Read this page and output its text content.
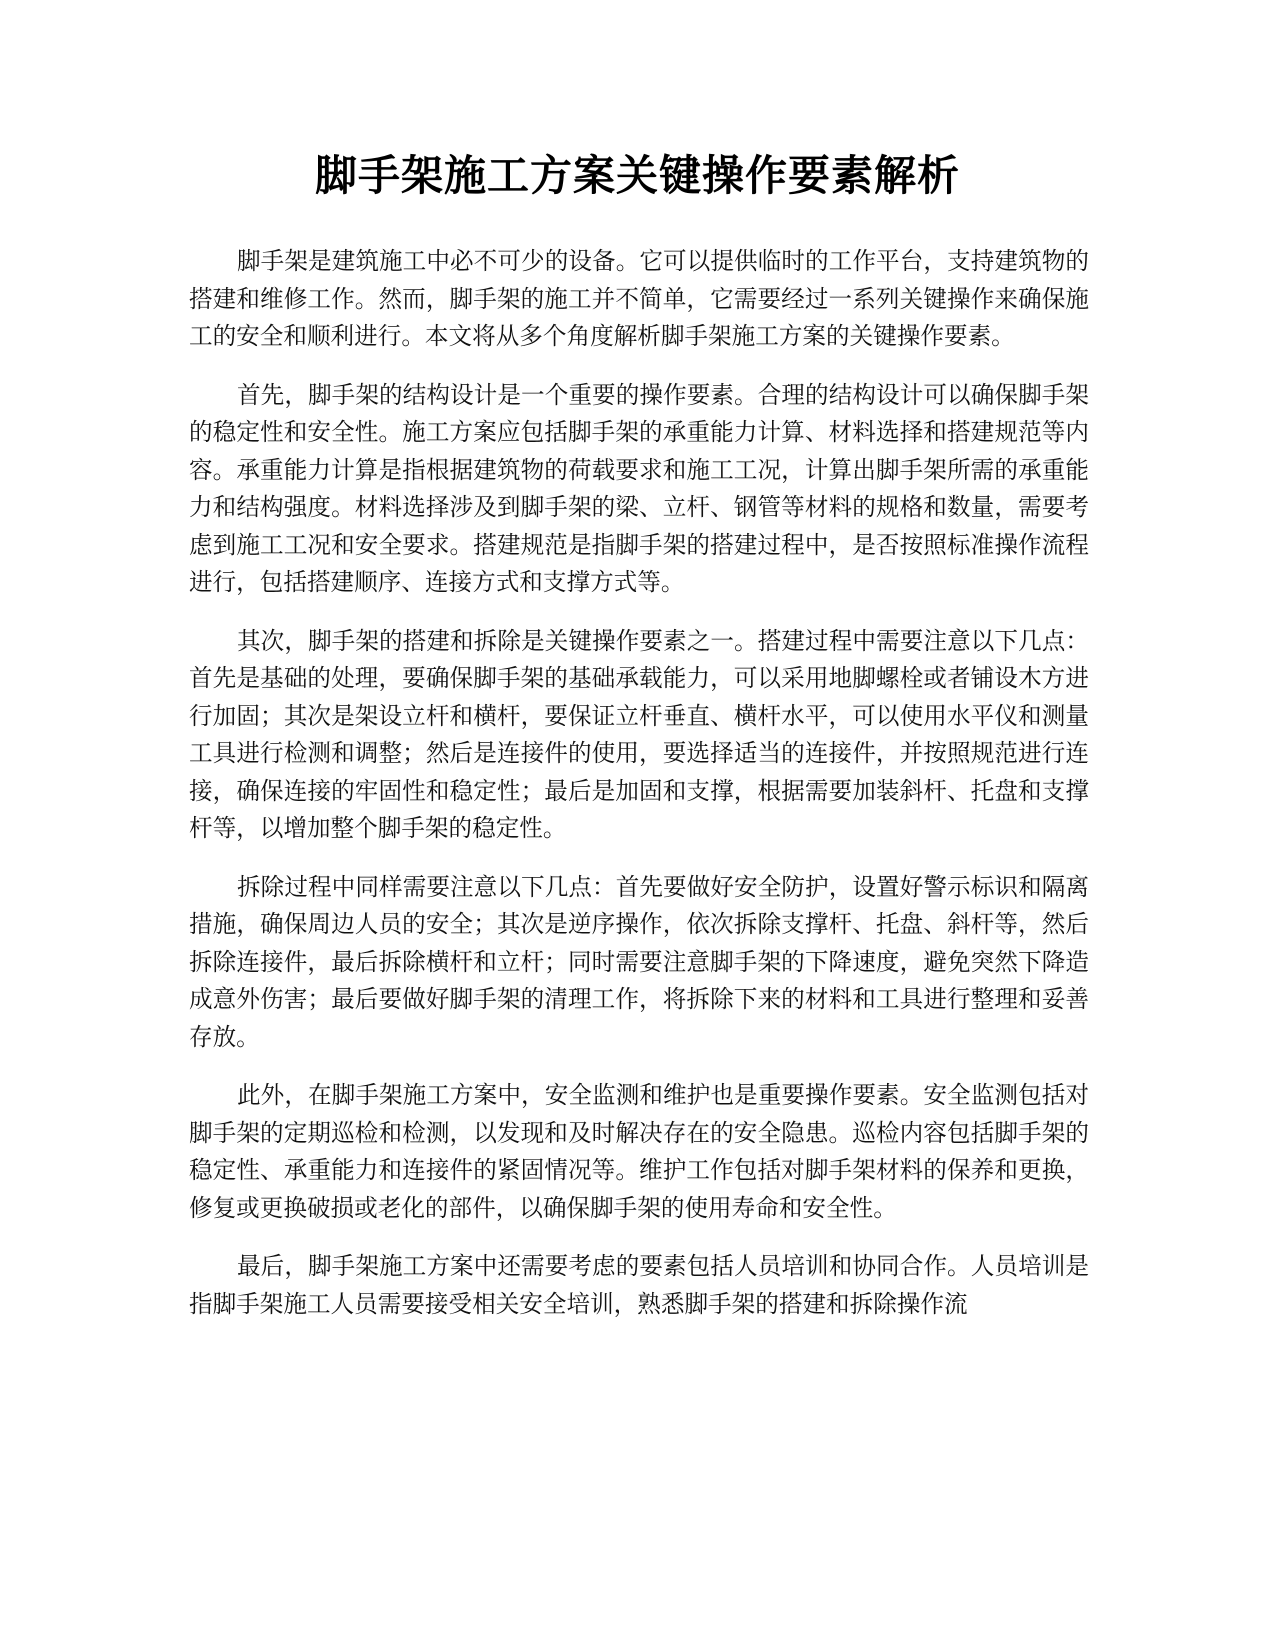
脚手架施工方案关键操作要素解析

脚手架是建筑施工中必不可少的设备。它可以提供临时的工作平台，支持建筑物的搭建和维修工作。然而，脚手架的施工并不简单，它需要经过一系列关键操作来确保施工的安全和顺利进行。本文将从多个角度解析脚手架施工方案的关键操作要素。

首先，脚手架的结构设计是一个重要的操作要素。合理的结构设计可以确保脚手架的稳定性和安全性。施工方案应包括脚手架的承重能力计算、材料选择和搭建规范等内容。承重能力计算是指根据建筑物的荷载要求和施工工况，计算出脚手架所需的承重能力和结构强度。材料选择涉及到脚手架的梁、立杆、钢管等材料的规格和数量，需要考虑到施工工况和安全要求。搭建规范是指脚手架的搭建过程中，是否按照标准操作流程进行，包括搭建顺序、连接方式和支撑方式等。

其次，脚手架的搭建和拆除是关键操作要素之一。搭建过程中需要注意以下几点：首先是基础的处理，要确保脚手架的基础承载能力，可以采用地脚螺栓或者铺设木方进行加固；其次是架设立杆和横杆，要保证立杆垂直、横杆水平，可以使用水平仪和测量工具进行检测和调整；然后是连接件的使用，要选择适当的连接件，并按照规范进行连接，确保连接的牢固性和稳定性；最后是加固和支撑，根据需要加装斜杆、托盘和支撑杆等，以增加整个脚手架的稳定性。

拆除过程中同样需要注意以下几点：首先要做好安全防护，设置好警示标识和隔离措施，确保周边人员的安全；其次是逆序操作，依次拆除支撑杆、托盘、斜杆等，然后拆除连接件，最后拆除横杆和立杆；同时需要注意脚手架的下降速度，避免突然下降造成意外伤害；最后要做好脚手架的清理工作，将拆除下来的材料和工具进行整理和妥善存放。

此外，在脚手架施工方案中，安全监测和维护也是重要操作要素。安全监测包括对脚手架的定期巡检和检测，以发现和及时解决存在的安全隐患。巡检内容包括脚手架的稳定性、承重能力和连接件的紧固情况等。维护工作包括对脚手架材料的保养和更换，修复或更换破损或老化的部件，以确保脚手架的使用寿命和安全性。

最后，脚手架施工方案中还需要考虑的要素包括人员培训和协同合作。人员培训是指脚手架施工人员需要接受相关安全培训，熟悉脚手架的搭建和拆除操作流
